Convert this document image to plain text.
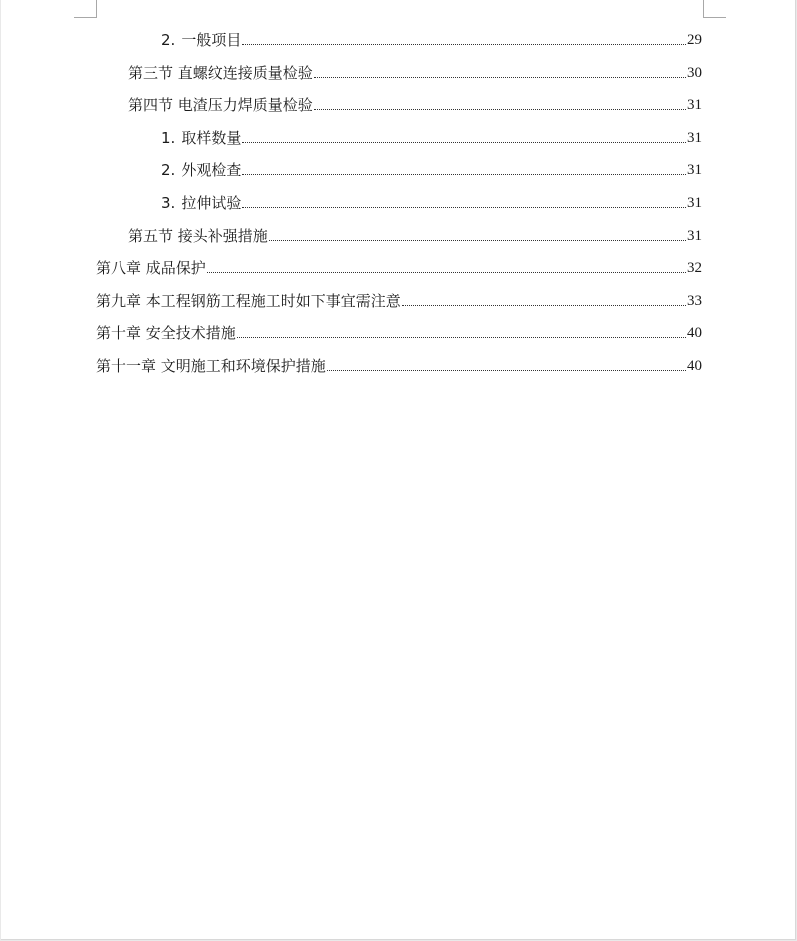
2. 一般项目	29
第三节 直螺纹连接质量检验	30
第四节 电渣压力焊质量检验	31
1. 取样数量	31
2. 外观检查	31
3. 拉伸试验	31
第五节 接头补强措施	31
第八章 成品保护	32
第九章 本工程钢筋工程施工时如下事宜需注意	33
第十章 安全技术措施	40
第十一章 文明施工和环境保护措施	40
